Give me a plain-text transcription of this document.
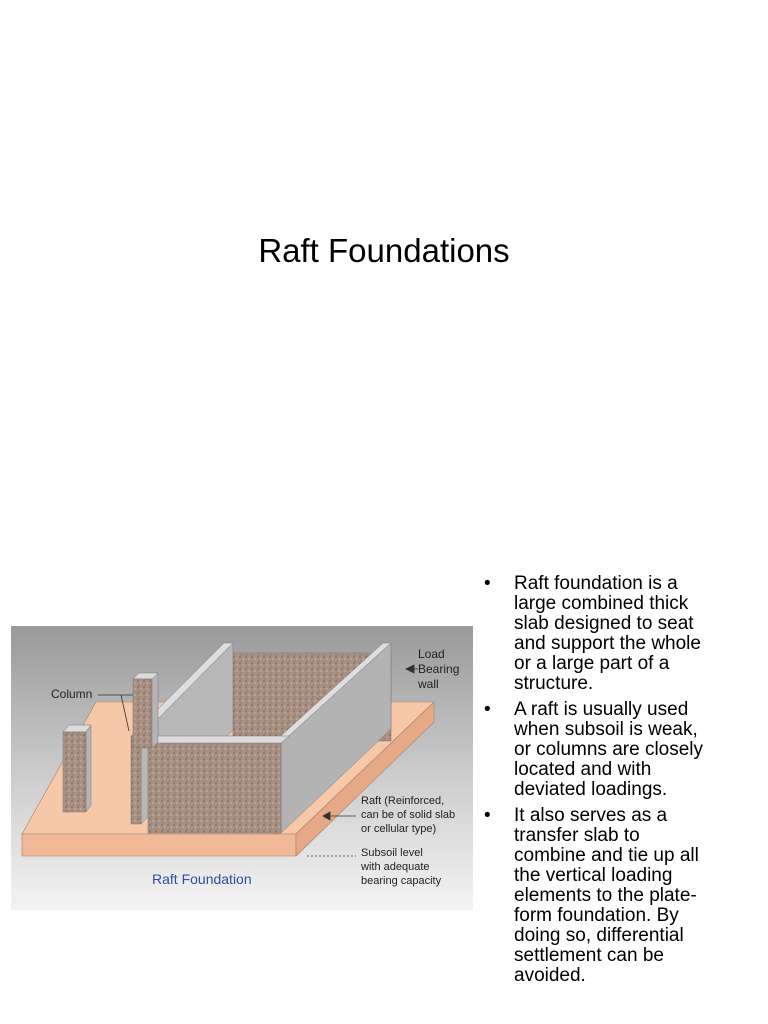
Raft Foundations
Column
Load
Bearing
wall
Raft (Reinforced,
can be of solid slab
or cellular type)
Subsoil level
with adequate
bearing capacity
Raft Foundation
• Raft foundation is a
large combined thick
slab designed to seat
and support the whole
or a large part of a
structure.
• A raft is usually used
when subsoil is weak,
or columns are closely
located and with
deviated loadings.
• It also serves as a
transfer slab to
combine and tie up all
the vertical loading
elements to the plate-
form foundation. By
doing so, differential
settlement can be
avoided.
